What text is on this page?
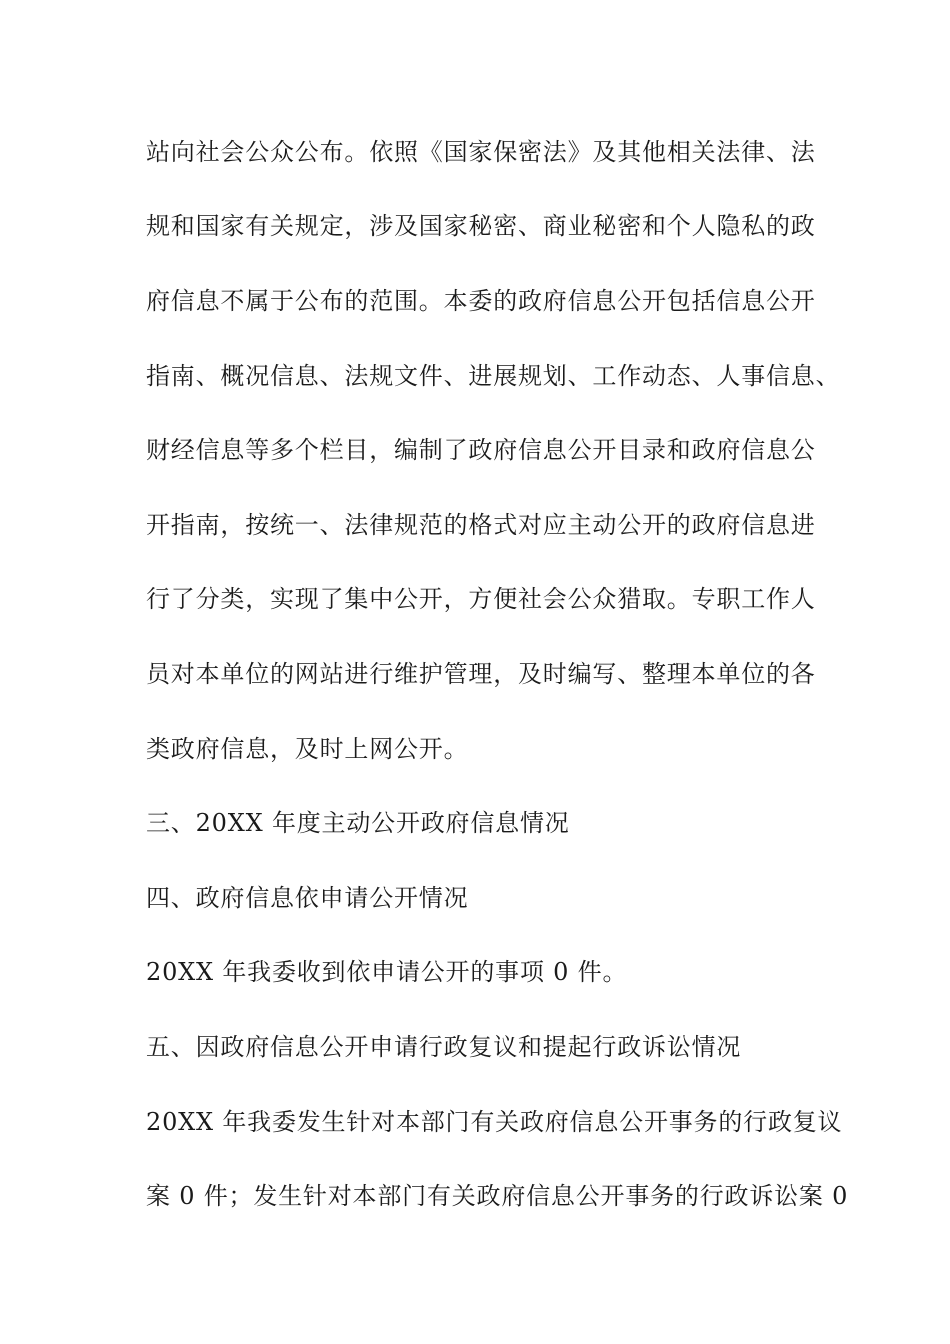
站向社会公众公布。依照《国家保密法》及其他相关法律、法
规和国家有关规定，涉及国家秘密、商业秘密和个人隐私的政
府信息不属于公布的范围。本委的政府信息公开包括信息公开
指南、概况信息、法规文件、进展规划、工作动态、人事信息、
财经信息等多个栏目，编制了政府信息公开目录和政府信息公
开指南，按统一、法律规范的格式对应主动公开的政府信息进
行了分类，实现了集中公开，方便社会公众猎取。专职工作人
员对本单位的网站进行维护管理，及时编写、整理本单位的各
类政府信息，及时上网公开。
三、20XX 年度主动公开政府信息情况
四、政府信息依申请公开情况
20XX 年我委收到依申请公开的事项 0 件。
五、因政府信息公开申请行政复议和提起行政诉讼情况
20XX 年我委发生针对本部门有关政府信息公开事务的行政复议
案 0 件；发生针对本部门有关政府信息公开事务的行政诉讼案 0
